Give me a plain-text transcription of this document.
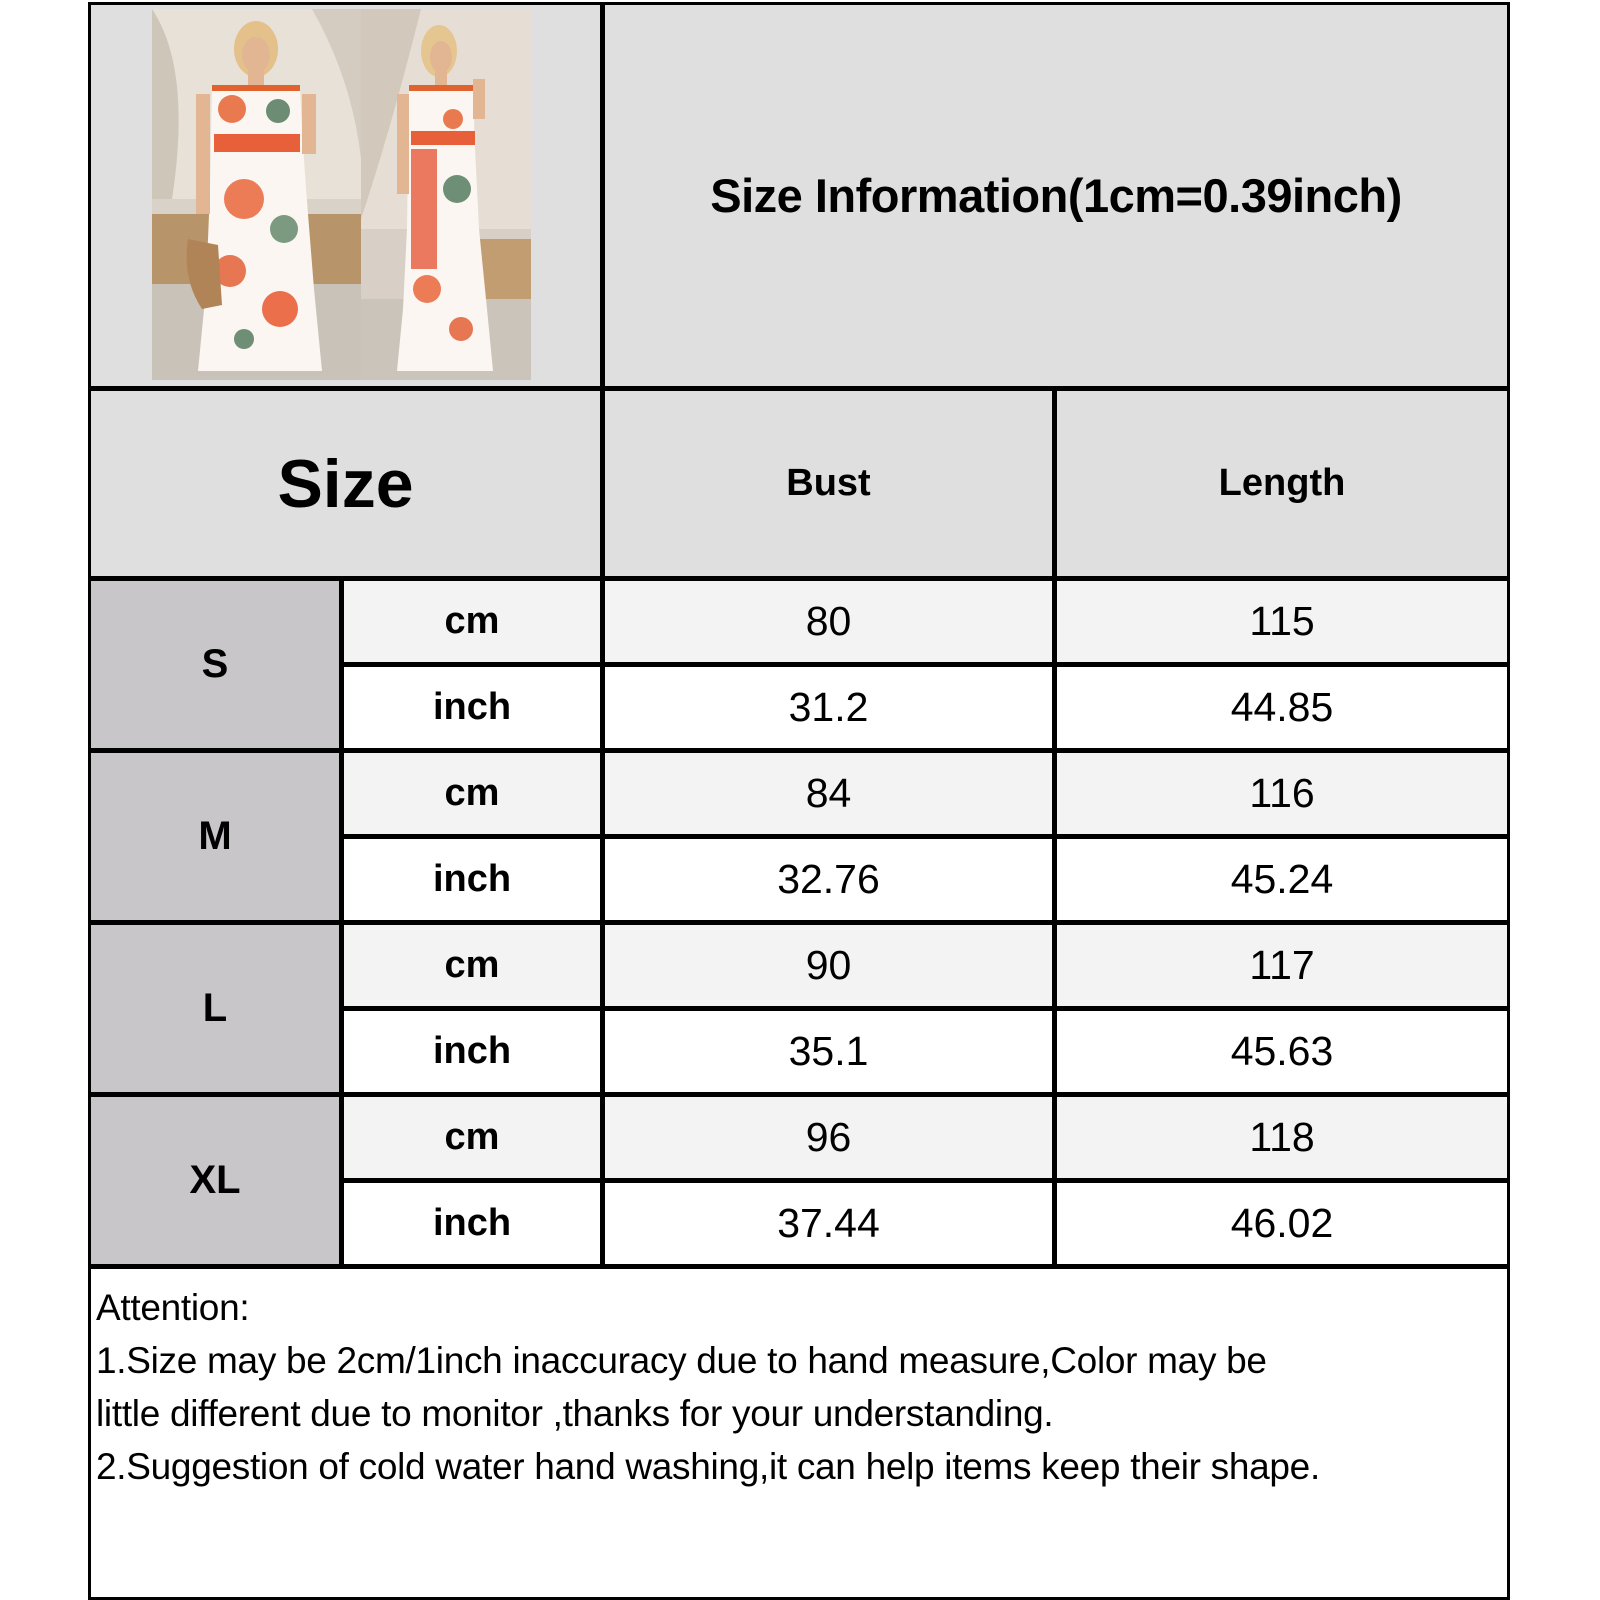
Size Information(1cm=0.39inch)
Size	Bust	Length
S
cm	80	115
inch	31.2	44.85
M
cm	84	116
inch	32.76	45.24
L
cm	90	117
inch	35.1	45.63
XL
cm	96	118
inch	37.44	46.02
Attention:
1.Size may be 2cm/1inch inaccuracy due to hand measure,Color may be
little different due to monitor ,thanks for your understanding.
2.Suggestion of cold water hand washing,it can help items keep their shape.
